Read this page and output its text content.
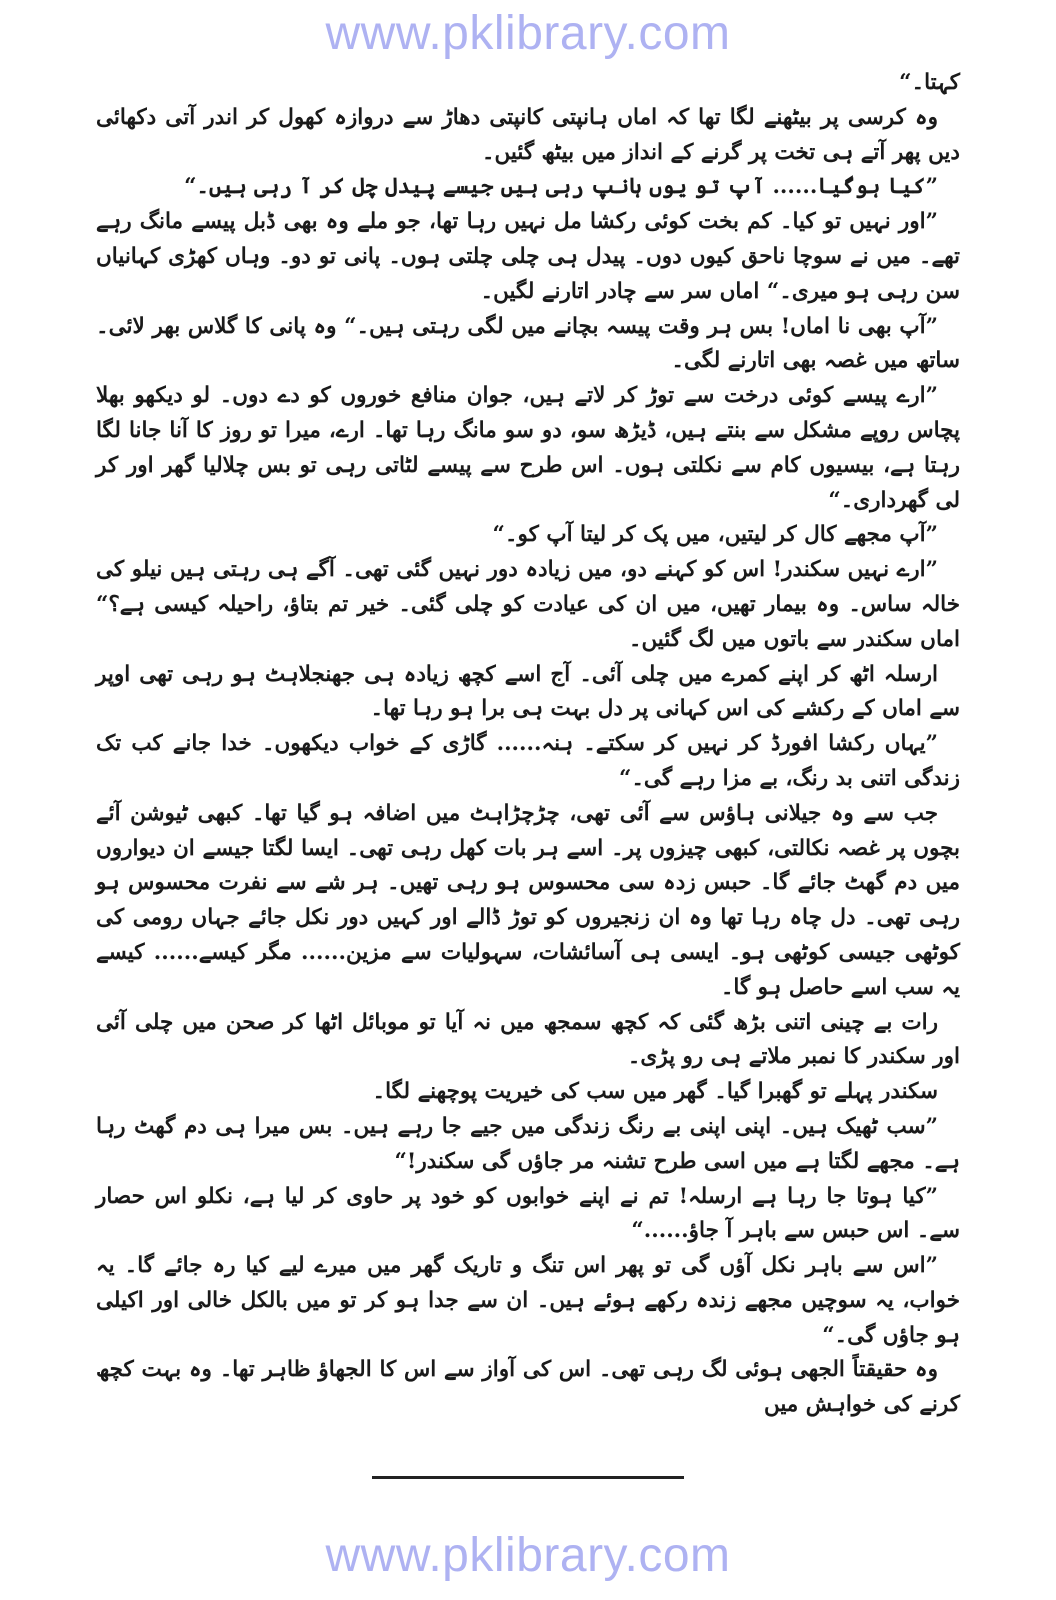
www.pklibrary.com

کہتا۔“

وہ کرسی پر بیٹھنے لگا تھا کہ اماں ہانپتی کانپتی دھاڑ سے دروازہ کھول کر اندر آتی دکھائی دیں پھر آتے ہی تخت پر گرنے کے انداز میں بیٹھ گئیں۔

”کیا ہوگیا...... آپ تو یوں ہانپ رہی ہیں جیسے پیدل چل کر آ رہی ہیں۔“

”اور نہیں تو کیا۔ کم بخت کوئی رکشا مل نہیں رہا تھا، جو ملے وہ بھی ڈبل پیسے مانگ رہے تھے۔ میں نے سوچا ناحق کیوں دوں۔ پیدل ہی چلی چلتی ہوں۔ پانی تو دو۔ وہاں کھڑی کہانیاں سن رہی ہو میری۔“ اماں سر سے چادر اتارنے لگیں۔

”آپ بھی نا اماں! بس ہر وقت پیسہ بچانے میں لگی رہتی ہیں۔“ وہ پانی کا گلاس بھر لائی۔ ساتھ میں غصہ بھی اتارنے لگی۔

”ارے پیسے کوئی درخت سے توڑ کر لاتے ہیں، جوان منافع خوروں کو دے دوں۔ لو دیکھو بھلا پچاس روپے مشکل سے بنتے ہیں، ڈیڑھ سو، دو سو مانگ رہا تھا۔ ارے، میرا تو روز کا آنا جانا لگا رہتا ہے، بیسیوں کام سے نکلتی ہوں۔ اس طرح سے پیسے لٹاتی رہی تو بس چلالیا گھر اور کر لی گھرداری۔“

”آپ مجھے کال کر لیتیں، میں پک کر لیتا آپ کو۔“

”ارے نہیں سکندر! اس کو کہنے دو، میں زیادہ دور نہیں گئی تھی۔ آگے ہی رہتی ہیں نیلو کی خالہ ساس۔ وہ بیمار تھیں، میں ان کی عیادت کو چلی گئی۔ خیر تم بتاؤ، راحیلہ کیسی ہے؟“ اماں سکندر سے باتوں میں لگ گئیں۔

ارسلہ اٹھ کر اپنے کمرے میں چلی آئی۔ آج اسے کچھ زیادہ ہی جھنجلاہٹ ہو رہی تھی اوپر سے اماں کے رکشے کی اس کہانی پر دل بہت ہی برا ہو رہا تھا۔

”یہاں رکشا افورڈ کر نہیں کر سکتے۔ ہنہ...... گاڑی کے خواب دیکھوں۔ خدا جانے کب تک زندگی اتنی بد رنگ، بے مزا رہے گی۔“

جب سے وہ جیلانی ہاؤس سے آئی تھی، چڑچڑاہٹ میں اضافہ ہو گیا تھا۔ کبھی ٹیوشن آئے بچوں پر غصہ نکالتی، کبھی چیزوں پر۔ اسے ہر بات کھل رہی تھی۔ ایسا لگتا جیسے ان دیواروں میں دم گھٹ جائے گا۔ حبس زدہ سی محسوس ہو رہی تھیں۔ ہر شے سے نفرت محسوس ہو رہی تھی۔ دل چاہ رہا تھا وہ ان زنجیروں کو توڑ ڈالے اور کہیں دور نکل جائے جہاں رومی کی کوٹھی جیسی کوٹھی ہو۔ ایسی ہی آسائشات، سہولیات سے مزین...... مگر کیسے...... کیسے یہ سب اسے حاصل ہو گا۔

رات بے چینی اتنی بڑھ گئی کہ کچھ سمجھ میں نہ آیا تو موبائل اٹھا کر صحن میں چلی آئی اور سکندر کا نمبر ملاتے ہی رو پڑی۔

سکندر پہلے تو گھبرا گیا۔ گھر میں سب کی خیریت پوچھنے لگا۔

”سب ٹھیک ہیں۔ اپنی اپنی بے رنگ زندگی میں جیے جا رہے ہیں۔ بس میرا ہی دم گھٹ رہا ہے۔ مجھے لگتا ہے میں اسی طرح تشنہ مر جاؤں گی سکندر!“

”کیا ہوتا جا رہا ہے ارسلہ! تم نے اپنے خوابوں کو خود پر حاوی کر لیا ہے، نکلو اس حصار سے۔ اس حبس سے باہر آ جاؤ......“

”اس سے باہر نکل آؤں گی تو پھر اس تنگ و تاریک گھر میں میرے لیے کیا رہ جائے گا۔ یہ خواب، یہ سوچیں مجھے زندہ رکھے ہوئے ہیں۔ ان سے جدا ہو کر تو میں بالکل خالی اور اکیلی ہو جاؤں گی۔“

وہ حقیقتاً الجھی ہوئی لگ رہی تھی۔ اس کی آواز سے اس کا الجھاؤ ظاہر تھا۔ وہ بہت کچھ کرنے کی خواہش میں

www.pklibrary.com
